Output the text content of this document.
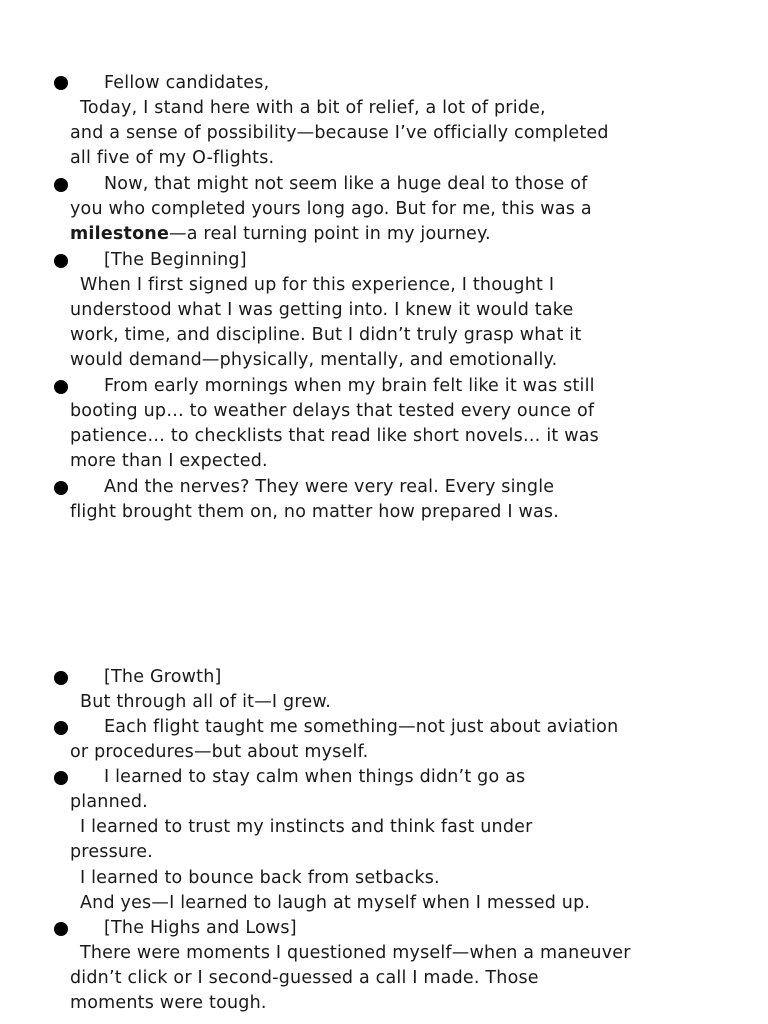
Fellow candidates,
Today, I stand here with a bit of relief, a lot of pride,
and a sense of possibility—because I’ve officially completed
all five of my O-flights.
Now, that might not seem like a huge deal to those of
you who completed yours long ago. But for me, this was a
milestone—a real turning point in my journey.
[The Beginning]
When I first signed up for this experience, I thought I
understood what I was getting into. I knew it would take
work, time, and discipline. But I didn’t truly grasp what it
would demand—physically, mentally, and emotionally.
From early mornings when my brain felt like it was still
booting up… to weather delays that tested every ounce of
patience… to checklists that read like short novels… it was
more than I expected.
And the nerves? They were very real. Every single
flight brought them on, no matter how prepared I was.
[The Growth]
But through all of it—I grew.
Each flight taught me something—not just about aviation
or procedures—but about myself.
I learned to stay calm when things didn’t go as
planned.
I learned to trust my instincts and think fast under
pressure.
I learned to bounce back from setbacks.
And yes—I learned to laugh at myself when I messed up.
[The Highs and Lows]
There were moments I questioned myself—when a maneuver
didn’t click or I second-guessed a call I made. Those
moments were tough.
